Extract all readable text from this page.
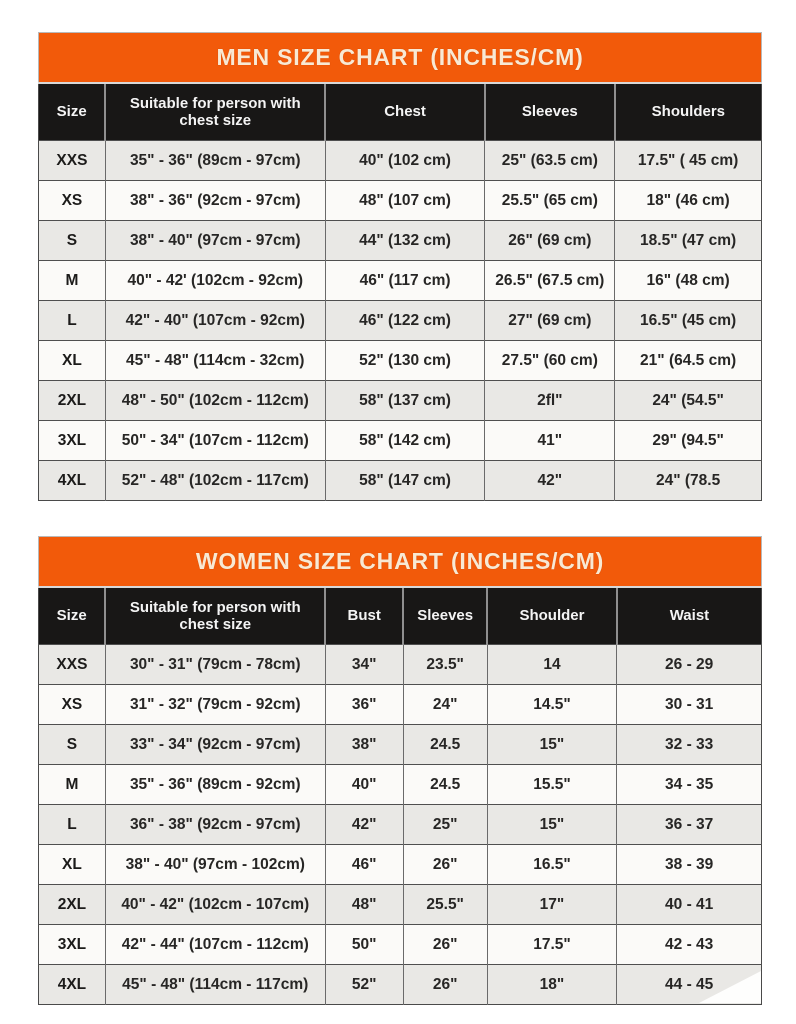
MEN SIZE CHART (INCHES/CM)
Size	Suitable for person with chest size	Chest	Sleeves	Shoulders
XXS	35" - 36" (89cm - 97cm)	40" (102 cm)	25" (63.5 cm)	17.5" ( 45 cm)
XS	38" - 36" (92cm - 97cm)	48" (107 cm)	25.5" (65 cm)	18" (46 cm)
S	38" - 40" (97cm - 97cm)	44" (132 cm)	26" (69 cm)	18.5" (47 cm)
M	40" - 42' (102cm - 92cm)	46" (117 cm)	26.5" (67.5 cm)	16" (48 cm)
L	42" - 40" (107cm - 92cm)	46" (122 cm)	27" (69 cm)	16.5" (45 cm)
XL	45" - 48" (114cm - 32cm)	52" (130 cm)	27.5" (60 cm)	21" (64.5 cm)
2XL	48" - 50" (102cm - 112cm)	58" (137 cm)	2fl"	24" (54.5"
3XL	50" - 34" (107cm - 112cm)	58" (142 cm)	41"	29" (94.5"
4XL	52" - 48" (102cm - 117cm)	58" (147 cm)	42"	24" (78.5
WOMEN SIZE CHART (INCHES/CM)
Size	Suitable for person with chest size	Bust	Sleeves	Shoulder	Waist
XXS	30" - 31" (79cm - 78cm)	34"	23.5"	14	26 - 29
XS	31" - 32" (79cm - 92cm)	36"	24"	14.5"	30 - 31
S	33" - 34" (92cm - 97cm)	38"	24.5	15"	32 - 33
M	35" - 36" (89cm - 92cm)	40"	24.5	15.5"	34 - 35
L	36" - 38" (92cm - 97cm)	42"	25"	15"	36 - 37
XL	38" - 40" (97cm - 102cm)	46"	26"	16.5"	38 - 39
2XL	40" - 42" (102cm - 107cm)	48"	25.5"	17"	40 - 41
3XL	42" - 44" (107cm - 112cm)	50"	26"	17.5"	42 - 43
4XL	45" - 48" (114cm - 117cm)	52"	26"	18"	44 - 45
